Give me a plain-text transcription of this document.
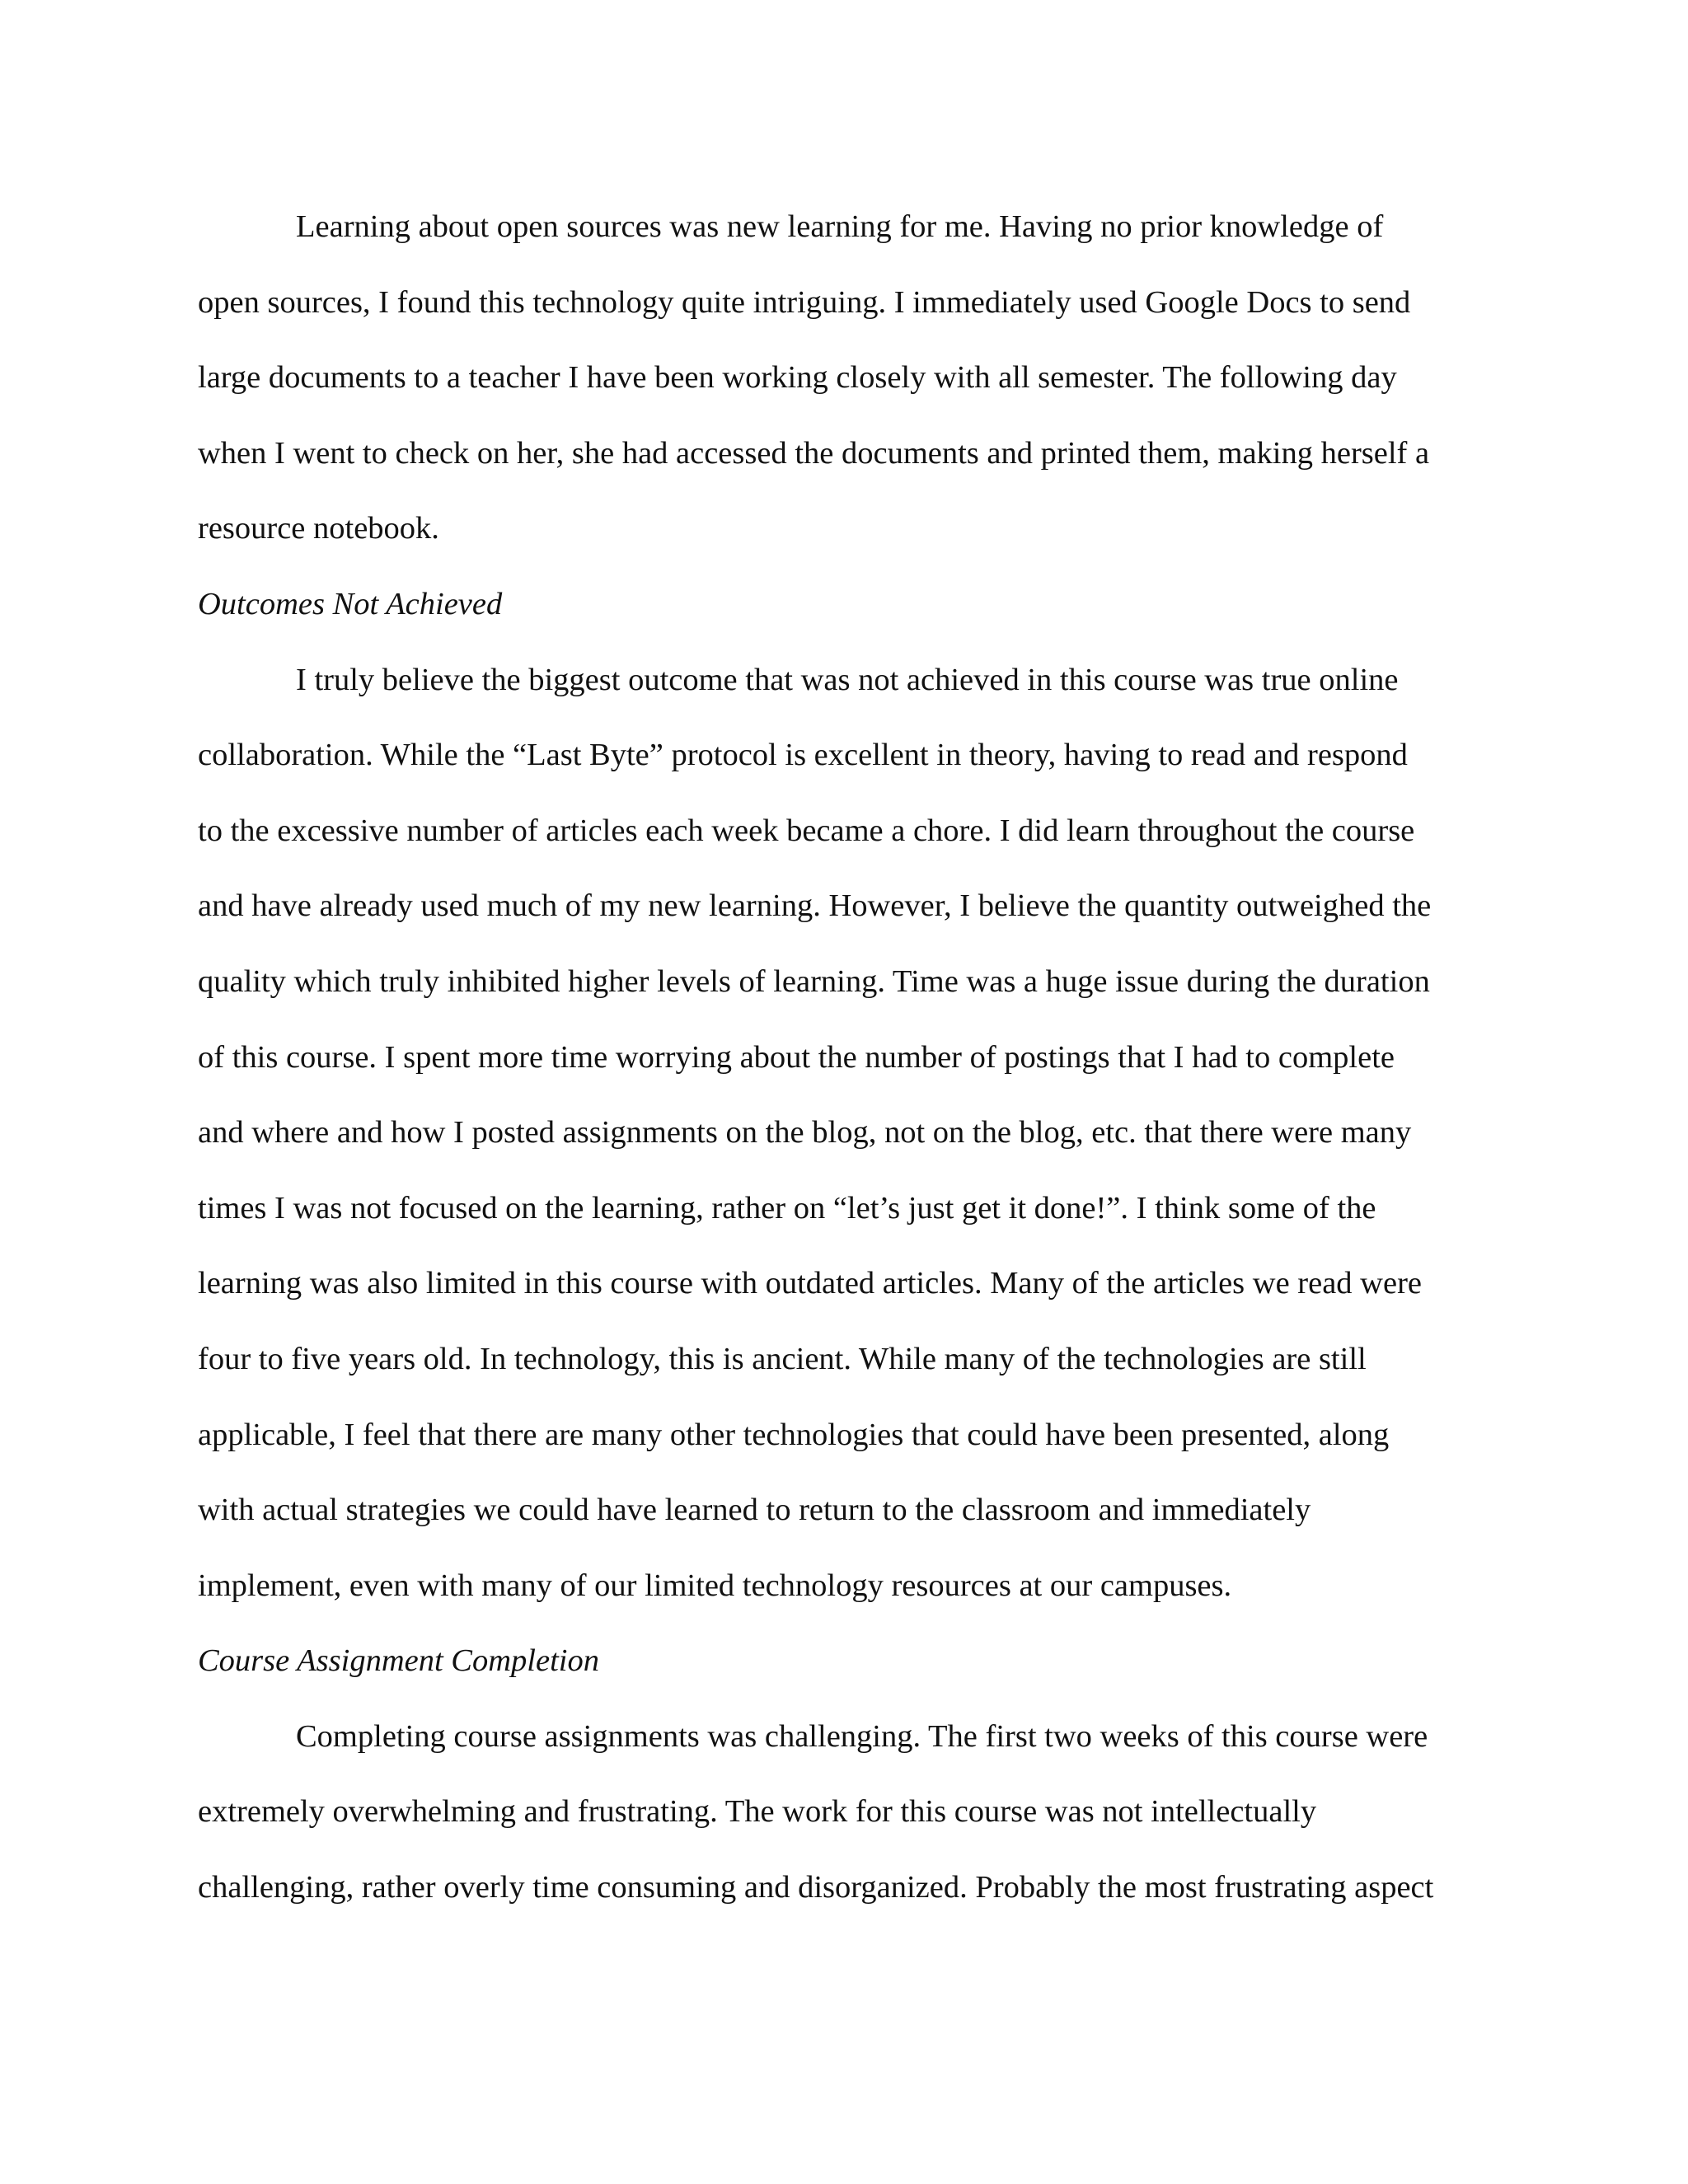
Learning about open sources was new learning for me. Having no prior knowledge of
open sources, I found this technology quite intriguing. I immediately used Google Docs to send
large documents to a teacher I have been working closely with all semester. The following day
when I went to check on her, she had accessed the documents and printed them, making herself a
resource notebook.
Outcomes Not Achieved
I truly believe the biggest outcome that was not achieved in this course was true online
collaboration. While the “Last Byte” protocol is excellent in theory, having to read and respond
to the excessive number of articles each week became a chore. I did learn throughout the course
and have already used much of my new learning. However, I believe the quantity outweighed the
quality which truly inhibited higher levels of learning. Time was a huge issue during the duration
of this course. I spent more time worrying about the number of postings that I had to complete
and where and how I posted assignments on the blog, not on the blog, etc. that there were many
times I was not focused on the learning, rather on “let’s just get it done!”. I think some of the
learning was also limited in this course with outdated articles. Many of the articles we read were
four to five years old. In technology, this is ancient. While many of the technologies are still
applicable, I feel that there are many other technologies that could have been presented, along
with actual strategies we could have learned to return to the classroom and immediately
implement, even with many of our limited technology resources at our campuses.
Course Assignment Completion
Completing course assignments was challenging. The first two weeks of this course were
extremely overwhelming and frustrating. The work for this course was not intellectually
challenging, rather overly time consuming and disorganized. Probably the most frustrating aspect
